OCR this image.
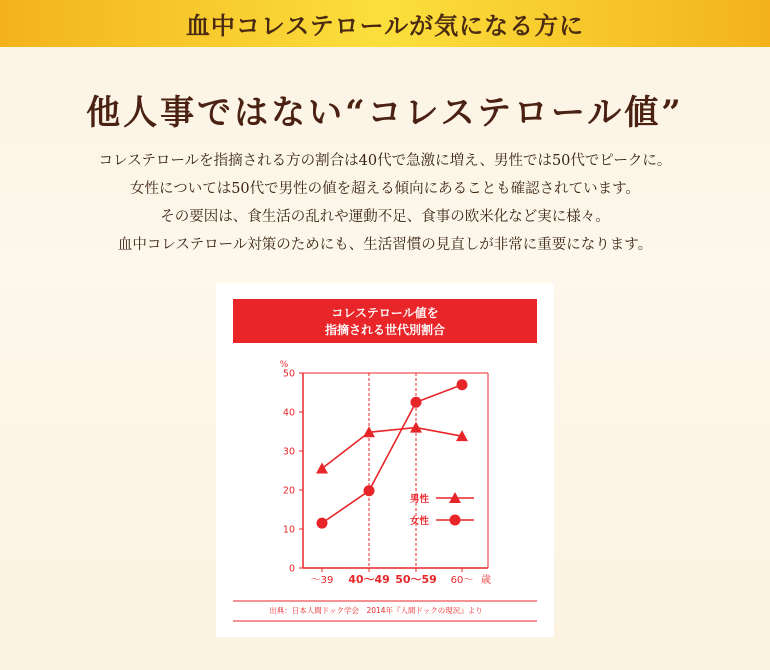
血中コレステロールが気になる方に
他人事ではない“コレステロール値”
コレステロールを指摘される方の割合は40代で急激に増え、男性では50代でピークに。
女性については50代で男性の値を超える傾向にあることも確認されています。
その要因は、食生活の乱れや運動不足、食事の欧米化など実に様々。
血中コレステロール対策のためにも、生活習慣の見直しが非常に重要になります。
コレステロール値を
指摘される世代別割合
%
歳
出典：日本人間ドック学会　2014年『人間ドックの現況』より
0
10
20
30
40
50
〜39 40〜49 50〜59 60〜
男性
女性
